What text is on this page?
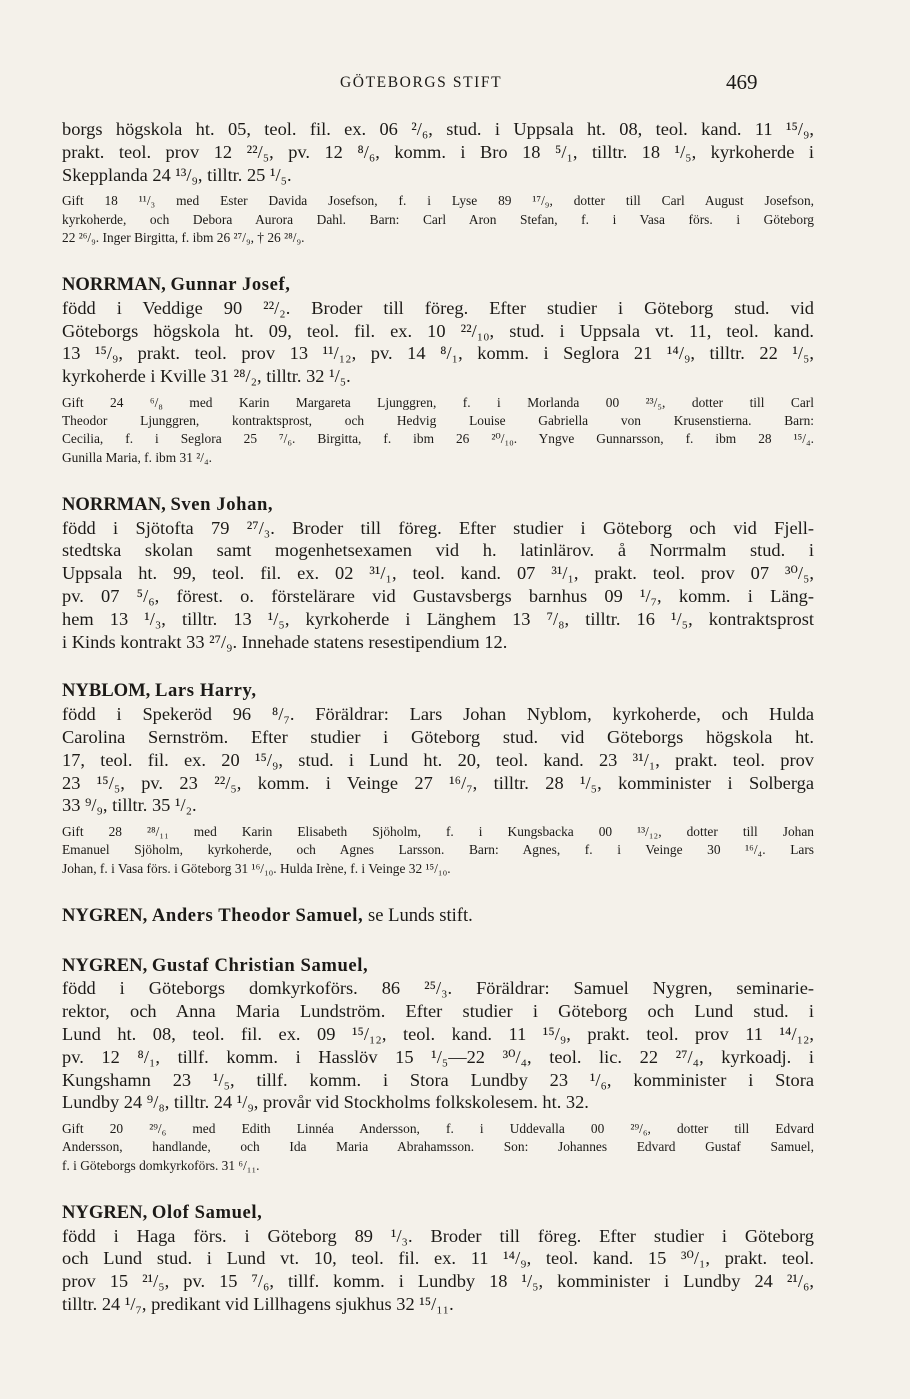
GÖTEBORGS STIFT	469
borgs högskola ht. 05, teol. fil. ex. 06 ²/₆, stud. i Uppsala ht. 08, teol. kand. 11 ¹⁵/₉,
prakt. teol. prov 12 ²²/₅, pv. 12 ⁸/₆, komm. i Bro 18 ⁵/₁, tilltr. 18 ¹/₅, kyrkoherde i
Skepplanda 24 ¹³/₉, tilltr. 25 ¹/₅.
Gift 18 ¹¹/₃ med Ester Davida Josefson, f. i Lyse 89 ¹⁷/₉, dotter till Carl August Josefson,
kyrkoherde, och Debora Aurora Dahl. Barn: Carl Aron Stefan, f. i Vasa förs. i Göteborg
22 ²⁶/₉. Inger Birgitta, f. ibm 26 ²⁷/₉, † 26 ²⁸/₉.
NORRMAN, Gunnar Josef,
född i Veddige 90 ²²/₂. Broder till föreg. Efter studier i Göteborg stud. vid
Göteborgs högskola ht. 09, teol. fil. ex. 10 ²²/₁₀, stud. i Uppsala vt. 11, teol. kand.
13 ¹⁵/₉, prakt. teol. prov 13 ¹¹/₁₂, pv. 14 ⁸/₁, komm. i Seglora 21 ¹⁴/₉, tilltr. 22 ¹/₅,
kyrkoherde i Kville 31 ²⁸/₂, tilltr. 32 ¹/₅.
Gift 24 ⁶/₈ med Karin Margareta Ljunggren, f. i Morlanda 00 ²³/₅, dotter till Carl
Theodor Ljunggren, kontraktsprost, och Hedvig Louise Gabriella von Krusenstierna. Barn:
Cecilia, f. i Seglora 25 ⁷/₆. Birgitta, f. ibm 26 ²⁰/₁₀. Yngve Gunnarsson, f. ibm 28 ¹⁵/₄.
Gunilla Maria, f. ibm 31 ²/₄.
NORRMAN, Sven Johan,
född i Sjötofta 79 ²⁷/₃. Broder till föreg. Efter studier i Göteborg och vid Fjell-
stedtska skolan samt mogenhetsexamen vid h. latinlärov. å Norrmalm stud. i
Uppsala ht. 99, teol. fil. ex. 02 ³¹/₁, teol. kand. 07 ³¹/₁, prakt. teol. prov 07 ³⁰/₅,
pv. 07 ⁵/₆, förest. o. förstelärare vid Gustavsbergs barnhus 09 ¹/₇, komm. i Läng-
hem 13 ¹/₃, tilltr. 13 ¹/₅, kyrkoherde i Länghem 13 ⁷/₈, tilltr. 16 ¹/₅, kontraktsprost
i Kinds kontrakt 33 ²⁷/₉. Innehade statens resestipendium 12.
NYBLOM, Lars Harry,
född i Spekeröd 96 ⁸/₇. Föräldrar: Lars Johan Nyblom, kyrkoherde, och Hulda
Carolina Sernström. Efter studier i Göteborg stud. vid Göteborgs högskola ht.
17, teol. fil. ex. 20 ¹⁵/₉, stud. i Lund ht. 20, teol. kand. 23 ³¹/₁, prakt. teol. prov
23 ¹⁵/₅, pv. 23 ²²/₅, komm. i Veinge 27 ¹⁶/₇, tilltr. 28 ¹/₅, komminister i Solberga
33 ⁹/₉, tilltr. 35 ¹/₂.
Gift 28 ²⁸/₁₁ med Karin Elisabeth Sjöholm, f. i Kungsbacka 00 ¹³/₁₂, dotter till Johan
Emanuel Sjöholm, kyrkoherde, och Agnes Larsson. Barn: Agnes, f. i Veinge 30 ¹⁶/₄. Lars
Johan, f. i Vasa förs. i Göteborg 31 ¹⁶/₁₀. Hulda Irène, f. i Veinge 32 ¹⁵/₁₀.
NYGREN, Anders Theodor Samuel, se Lunds stift.
NYGREN, Gustaf Christian Samuel,
född i Göteborgs domkyrkoförs. 86 ²⁵/₃. Föräldrar: Samuel Nygren, seminarie-
rektor, och Anna Maria Lundström. Efter studier i Göteborg och Lund stud. i
Lund ht. 08, teol. fil. ex. 09 ¹⁵/₁₂, teol. kand. 11 ¹⁵/₉, prakt. teol. prov 11 ¹⁴/₁₂,
pv. 12 ⁸/₁, tillf. komm. i Hasslöv 15 ¹/₅—22 ³⁰/₄, teol. lic. 22 ²⁷/₄, kyrkoadj. i
Kungshamn 23 ¹/₅, tillf. komm. i Stora Lundby 23 ¹/₆, komminister i Stora
Lundby 24 ⁹/₈, tilltr. 24 ¹/₉, provår vid Stockholms folkskolesem. ht. 32.
Gift 20 ²⁹/₆ med Edith Linnéa Andersson, f. i Uddevalla 00 ²⁹/₆, dotter till Edvard
Andersson, handlande, och Ida Maria Abrahamsson. Son: Johannes Edvard Gustaf Samuel,
f. i Göteborgs domkyrkoförs. 31 ⁶/₁₁.
NYGREN, Olof Samuel,
född i Haga förs. i Göteborg 89 ¹/₃. Broder till föreg. Efter studier i Göteborg
och Lund stud. i Lund vt. 10, teol. fil. ex. 11 ¹⁴/₉, teol. kand. 15 ³⁰/₁, prakt. teol.
prov 15 ²¹/₅, pv. 15 ⁷/₆, tillf. komm. i Lundby 18 ¹/₅, komminister i Lundby 24 ²¹/₆,
tilltr. 24 ¹/₇, predikant vid Lillhagens sjukhus 32 ¹⁵/₁₁.
